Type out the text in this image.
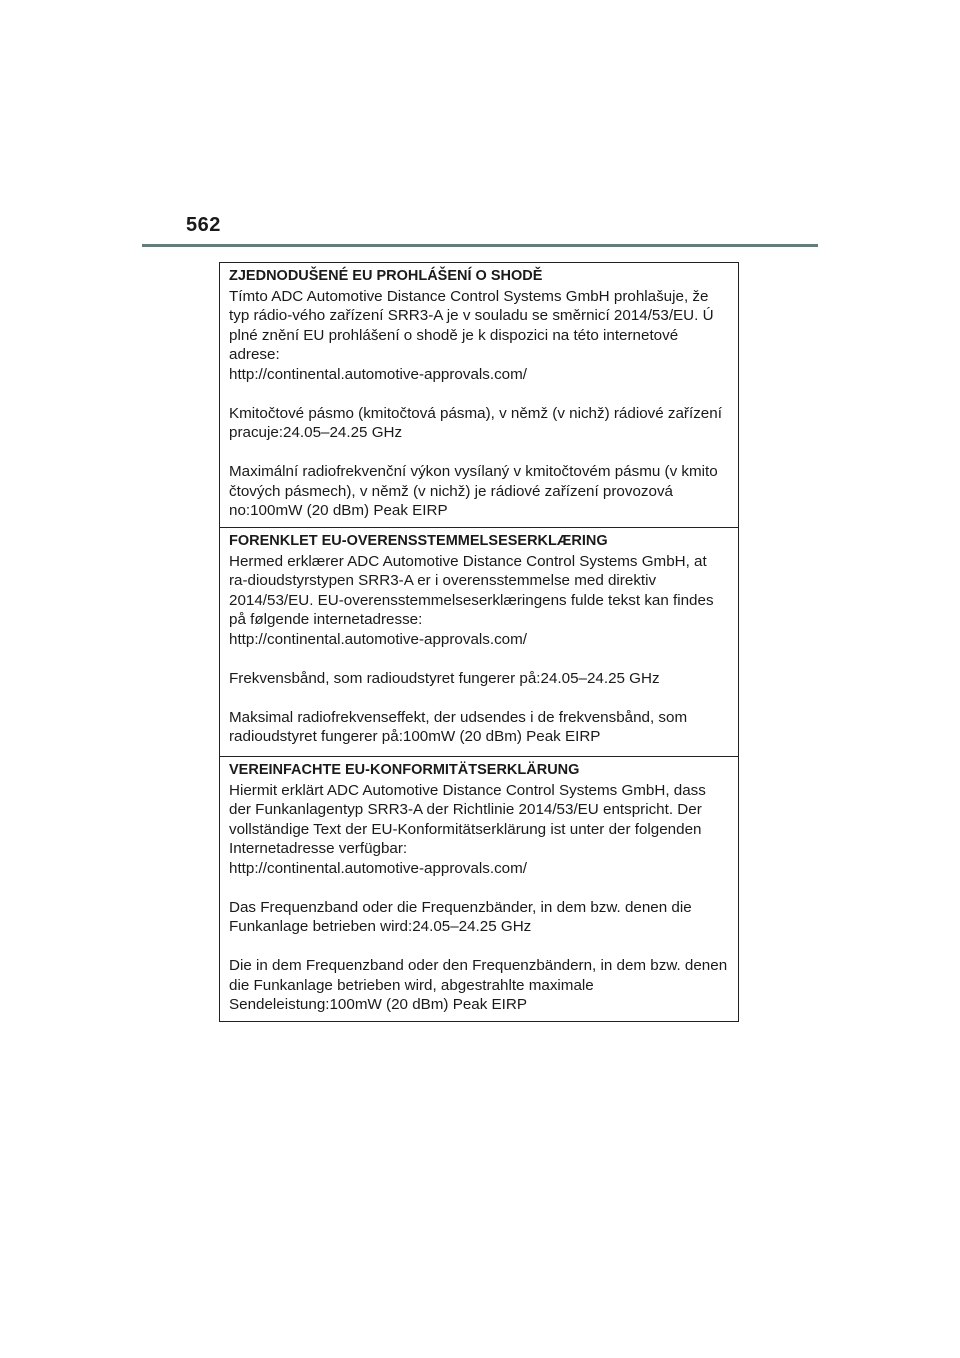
562

ZJEDNODUŠENÉ EU PROHLÁŠENÍ O SHODĚ

Tímto ADC Automotive Distance Control Systems GmbH prohlašuje, že typ rádio-vého zařízení SRR3-A je v souladu se směrnicí 2014/53/EU. Ú plné znění EU prohlášení o shodě je k dispozici na této internetové adrese:

http://continental.automotive-approvals.com/

Kmitočtové pásmo (kmitočtová pásma), v němž (v nichž) rádiové zařízení pracuje:24.05–24.25 GHz

Maximální radiofrekvenční výkon vysílaný v kmitočtovém pásmu (v kmito čtových pásmech), v němž (v nichž) je rádiové zařízení provozová no:100mW (20 dBm) Peak EIRP

FORENKLET EU-OVERENSSTEMMELSESERKLÆRING

Hermed erklærer ADC Automotive Distance Control Systems GmbH, at ra-dioudstyrstypen SRR3-A er i overensstemmelse med direktiv 2014/53/EU. EU-overensstemmelseserklæringens fulde tekst kan findes på følgende internetadresse:

http://continental.automotive-approvals.com/

Frekvensbånd, som radioudstyret fungerer på:24.05–24.25 GHz

Maksimal radiofrekvenseffekt, der udsendes i de frekvensbånd, som radioudstyret fungerer på:100mW (20 dBm) Peak EIRP

VEREINFACHTE EU-KONFORMITÄTSERKLÄRUNG

Hiermit erklärt ADC Automotive Distance Control Systems GmbH, dass der Funkanlagentyp SRR3-A der Richtlinie 2014/53/EU entspricht. Der vollständige Text der EU-Konformitätserklärung ist unter der folgenden Internetadresse verfügbar:

http://continental.automotive-approvals.com/

Das Frequenzband oder die Frequenzbänder, in dem bzw. denen die Funkanlage betrieben wird:24.05–24.25 GHz

Die in dem Frequenzband oder den Frequenzbändern, in dem bzw. denen die Funkanlage betrieben wird, abgestrahlte maximale Sendeleistung:100mW (20 dBm) Peak EIRP
